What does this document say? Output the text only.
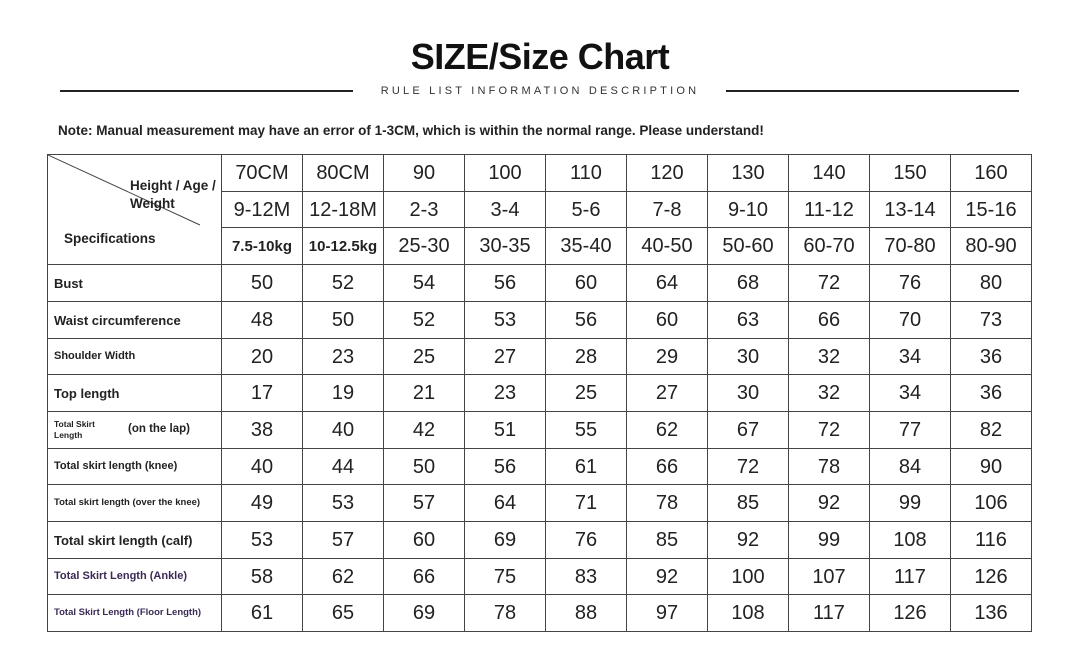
SIZE/Size Chart
RULE LIST INFORMATION DESCRIPTION
Note: Manual measurement may have an error of 1-3CM, which is within the normal range. Please understand!
Height / Age / Weight
Specifications	70CM	80CM	90	100	110	120	130	140	150	160
	9-12M	12-18M	2-3	3-4	5-6	7-8	9-10	11-12	13-14	15-16
	7.5-10kg	10-12.5kg	25-30	30-35	35-40	40-50	50-60	60-70	70-80	80-90
Bust	50	52	54	56	60	64	68	72	76	80
Waist circumference	48	50	52	53	56	60	63	66	70	73
Shoulder Width	20	23	25	27	28	29	30	32	34	36
Top length	17	19	21	23	25	27	30	32	34	36

Total Skirt Length (on the lap)	38	40	42	51	55	62	67	72	77	82
Total skirt length (knee)	40	44	50	56	61	66	72	78	84	90
Total skirt length (over the knee)	49	53	57	64	71	78	85	92	99	106
Total skirt length (calf)	53	57	60	69	76	85	92	99	108	116
Total Skirt Length (Ankle)	58	62	66	75	83	92	100	107	117	126
Total Skirt Length (Floor Length)	61	65	69	78	88	97	108	117	126	136
